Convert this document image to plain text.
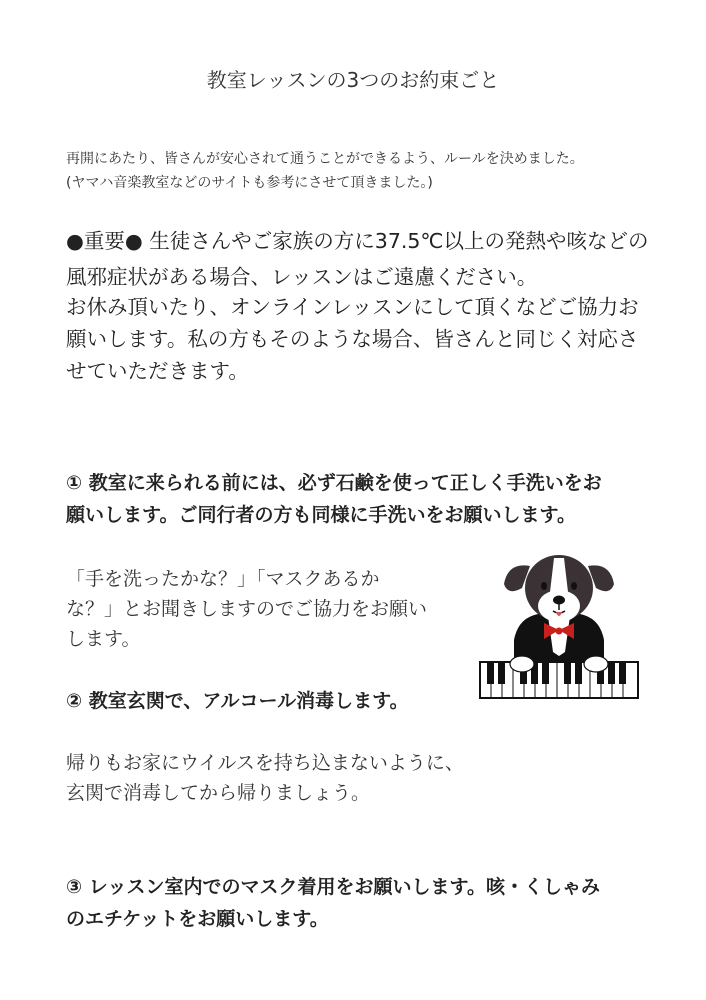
教室レッスンの3つのお約束ごと
再開にあたり、皆さんが安心されて通うことができるよう、ルールを決めました。
(ヤマハ音楽教室などのサイトも参考にさせて頂きました。)
●重要● 生徒さんやご家族の方に37.5℃以上の発熱や咳などの
風邪症状がある場合、レッスンはご遠慮ください。
お休み頂いたり、オンラインレッスンにして頂くなどご協力お
願いします。私の方もそのような場合、皆さんと同じく対応さ
せていただきます。
① 教室に来られる前には、必ず石鹸を使って正しく手洗いをお
願いします。ご同行者の方も同様に手洗いをお願いします。
「手を洗ったかな？」「マスクあるか
な？」とお聞きしますのでご協力をお願い
します。
② 教室玄関で、アルコール消毒します。
帰りもお家にウイルスを持ち込まないように、
玄関で消毒してから帰りましょう。
③ レッスン室内でのマスク着用をお願いします。咳・くしゃみ
のエチケットをお願いします。
